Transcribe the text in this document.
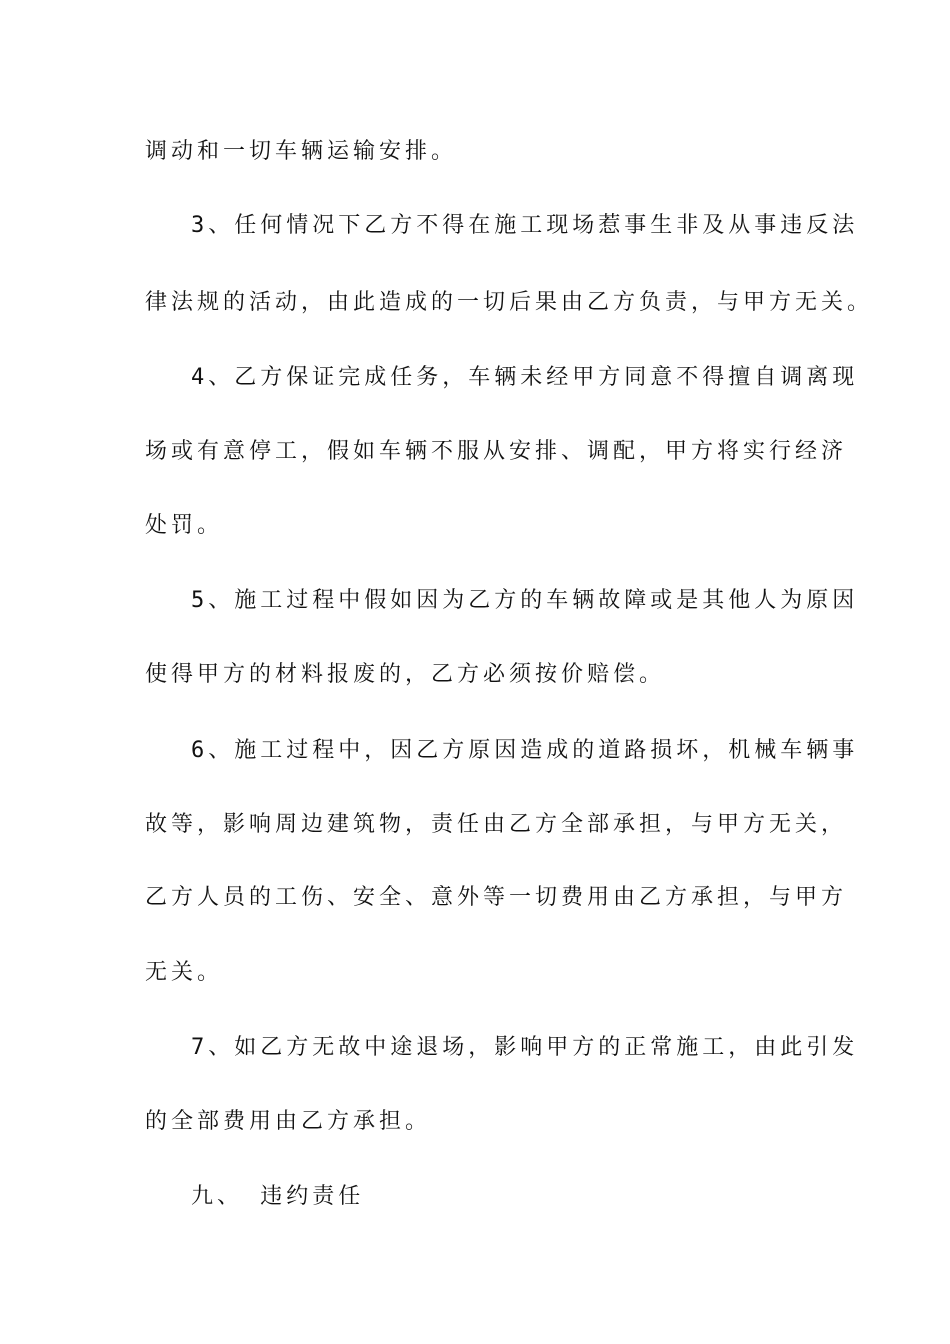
调动和一切车辆运输安排。
3、任何情况下乙方不得在施工现场惹事生非及从事违反法
律法规的活动，由此造成的一切后果由乙方负责，与甲方无关。
4、乙方保证完成任务，车辆未经甲方同意不得擅自调离现
场或有意停工，假如车辆不服从安排、调配，甲方将实行经济
处罚。
5、施工过程中假如因为乙方的车辆故障或是其他人为原因
使得甲方的材料报废的，乙方必须按价赔偿。
6、施工过程中，因乙方原因造成的道路损坏，机械车辆事
故等，影响周边建筑物，责任由乙方全部承担，与甲方无关，
乙方人员的工伤、安全、意外等一切费用由乙方承担，与甲方
无关。
7、如乙方无故中途退场，影响甲方的正常施工，由此引发
的全部费用由乙方承担。
九、 违约责任
